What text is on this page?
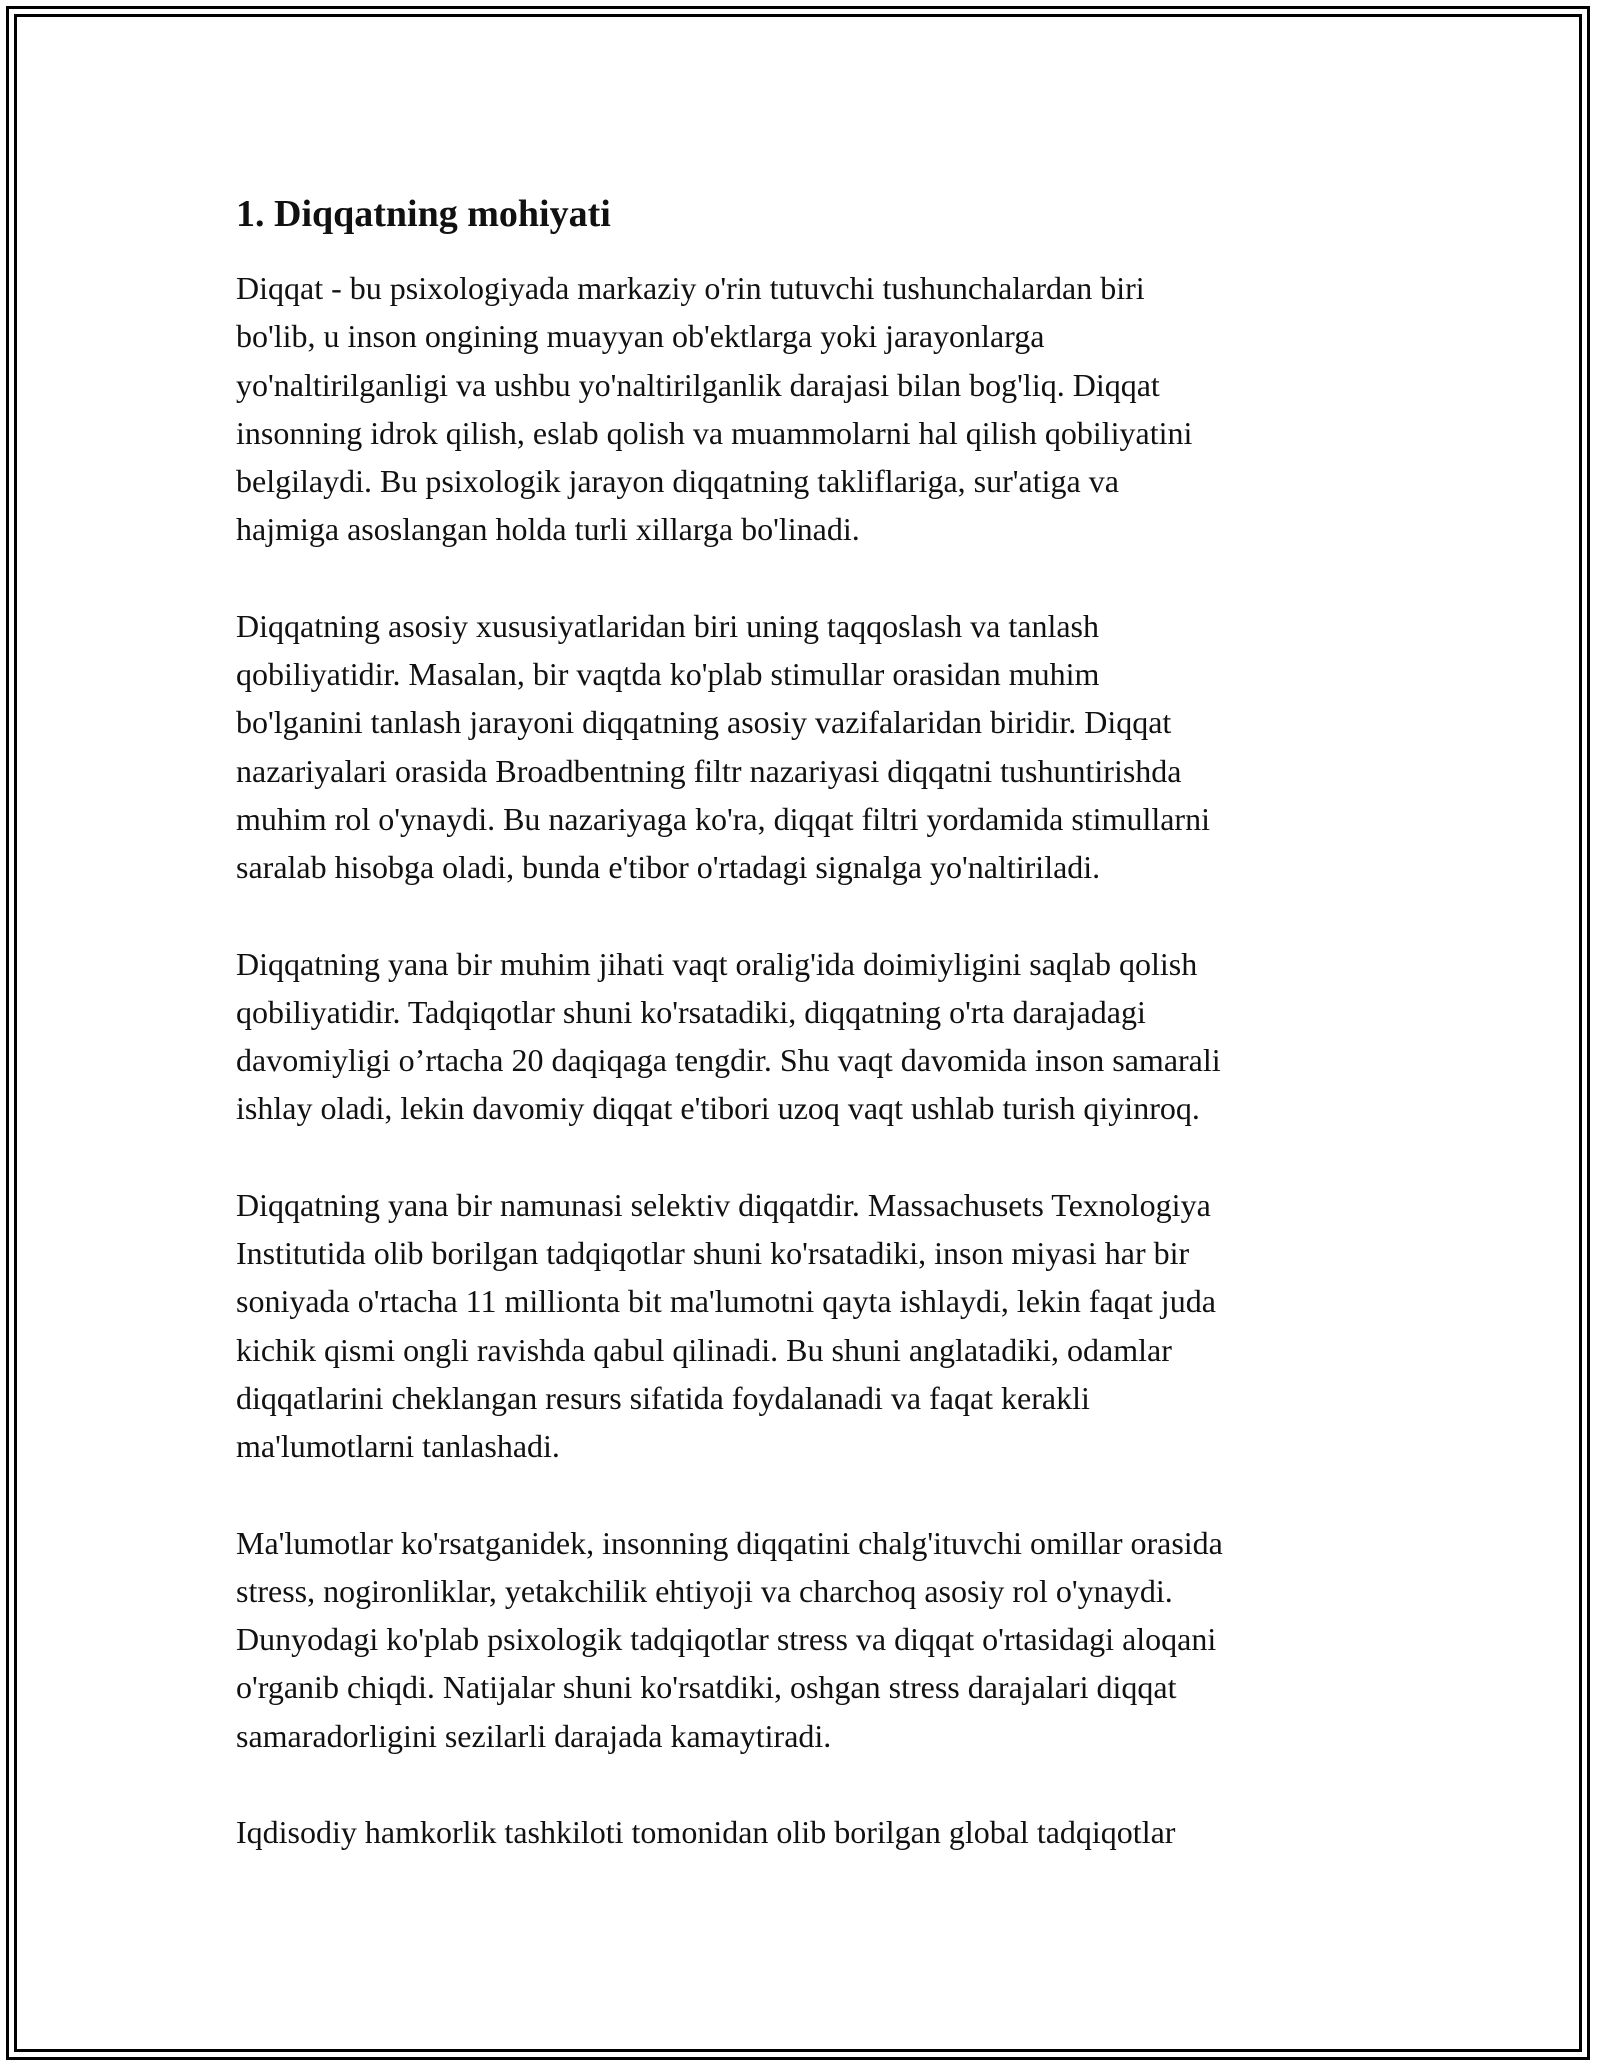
1. Diqqatning mohiyati
Diqqat - bu psixologiyada markaziy o'rin tutuvchi tushunchalardan biri
bo'lib, u inson ongining muayyan ob'ektlarga yoki jarayonlarga
yo'naltirilganligi va ushbu yo'naltirilganlik darajasi bilan bog'liq. Diqqat
insonning idrok qilish, eslab qolish va muammolarni hal qilish qobiliyatini
belgilaydi. Bu psixologik jarayon diqqatning takliflariga, sur'atiga va
hajmiga asoslangan holda turli xillarga bo'linadi.
Diqqatning asosiy xususiyatlaridan biri uning taqqoslash va tanlash
qobiliyatidir. Masalan, bir vaqtda ko'plab stimullar orasidan muhim
bo'lganini tanlash jarayoni diqqatning asosiy vazifalaridan biridir. Diqqat
nazariyalari orasida Broadbentning filtr nazariyasi diqqatni tushuntirishda
muhim rol o'ynaydi. Bu nazariyaga ko'ra, diqqat filtri yordamida stimullarni
saralab hisobga oladi, bunda e'tibor o'rtadagi signalga yo'naltiriladi.
Diqqatning yana bir muhim jihati vaqt oralig'ida doimiyligini saqlab qolish
qobiliyatidir. Tadqiqotlar shuni ko'rsatadiki, diqqatning o'rta darajadagi
davomiyligi o’rtacha 20 daqiqaga tengdir. Shu vaqt davomida inson samarali
ishlay oladi, lekin davomiy diqqat e'tibori uzoq vaqt ushlab turish qiyinroq.
Diqqatning yana bir namunasi selektiv diqqatdir. Massachusets Texnologiya
Institutida olib borilgan tadqiqotlar shuni ko'rsatadiki, inson miyasi har bir
soniyada o'rtacha 11 millionta bit ma'lumotni qayta ishlaydi, lekin faqat juda
kichik qismi ongli ravishda qabul qilinadi. Bu shuni anglatadiki, odamlar
diqqatlarini cheklangan resurs sifatida foydalanadi va faqat kerakli
ma'lumotlarni tanlashadi.
Ma'lumotlar ko'rsatganidek, insonning diqqatini chalg'ituvchi omillar orasida
stress, nogironliklar, yetakchilik ehtiyoji va charchoq asosiy rol o'ynaydi.
Dunyodagi ko'plab psixologik tadqiqotlar stress va diqqat o'rtasidagi aloqani
o'rganib chiqdi. Natijalar shuni ko'rsatdiki, oshgan stress darajalari diqqat
samaradorligini sezilarli darajada kamaytiradi.
Iqdisodiy hamkorlik tashkiloti tomonidan olib borilgan global tadqiqotlar
